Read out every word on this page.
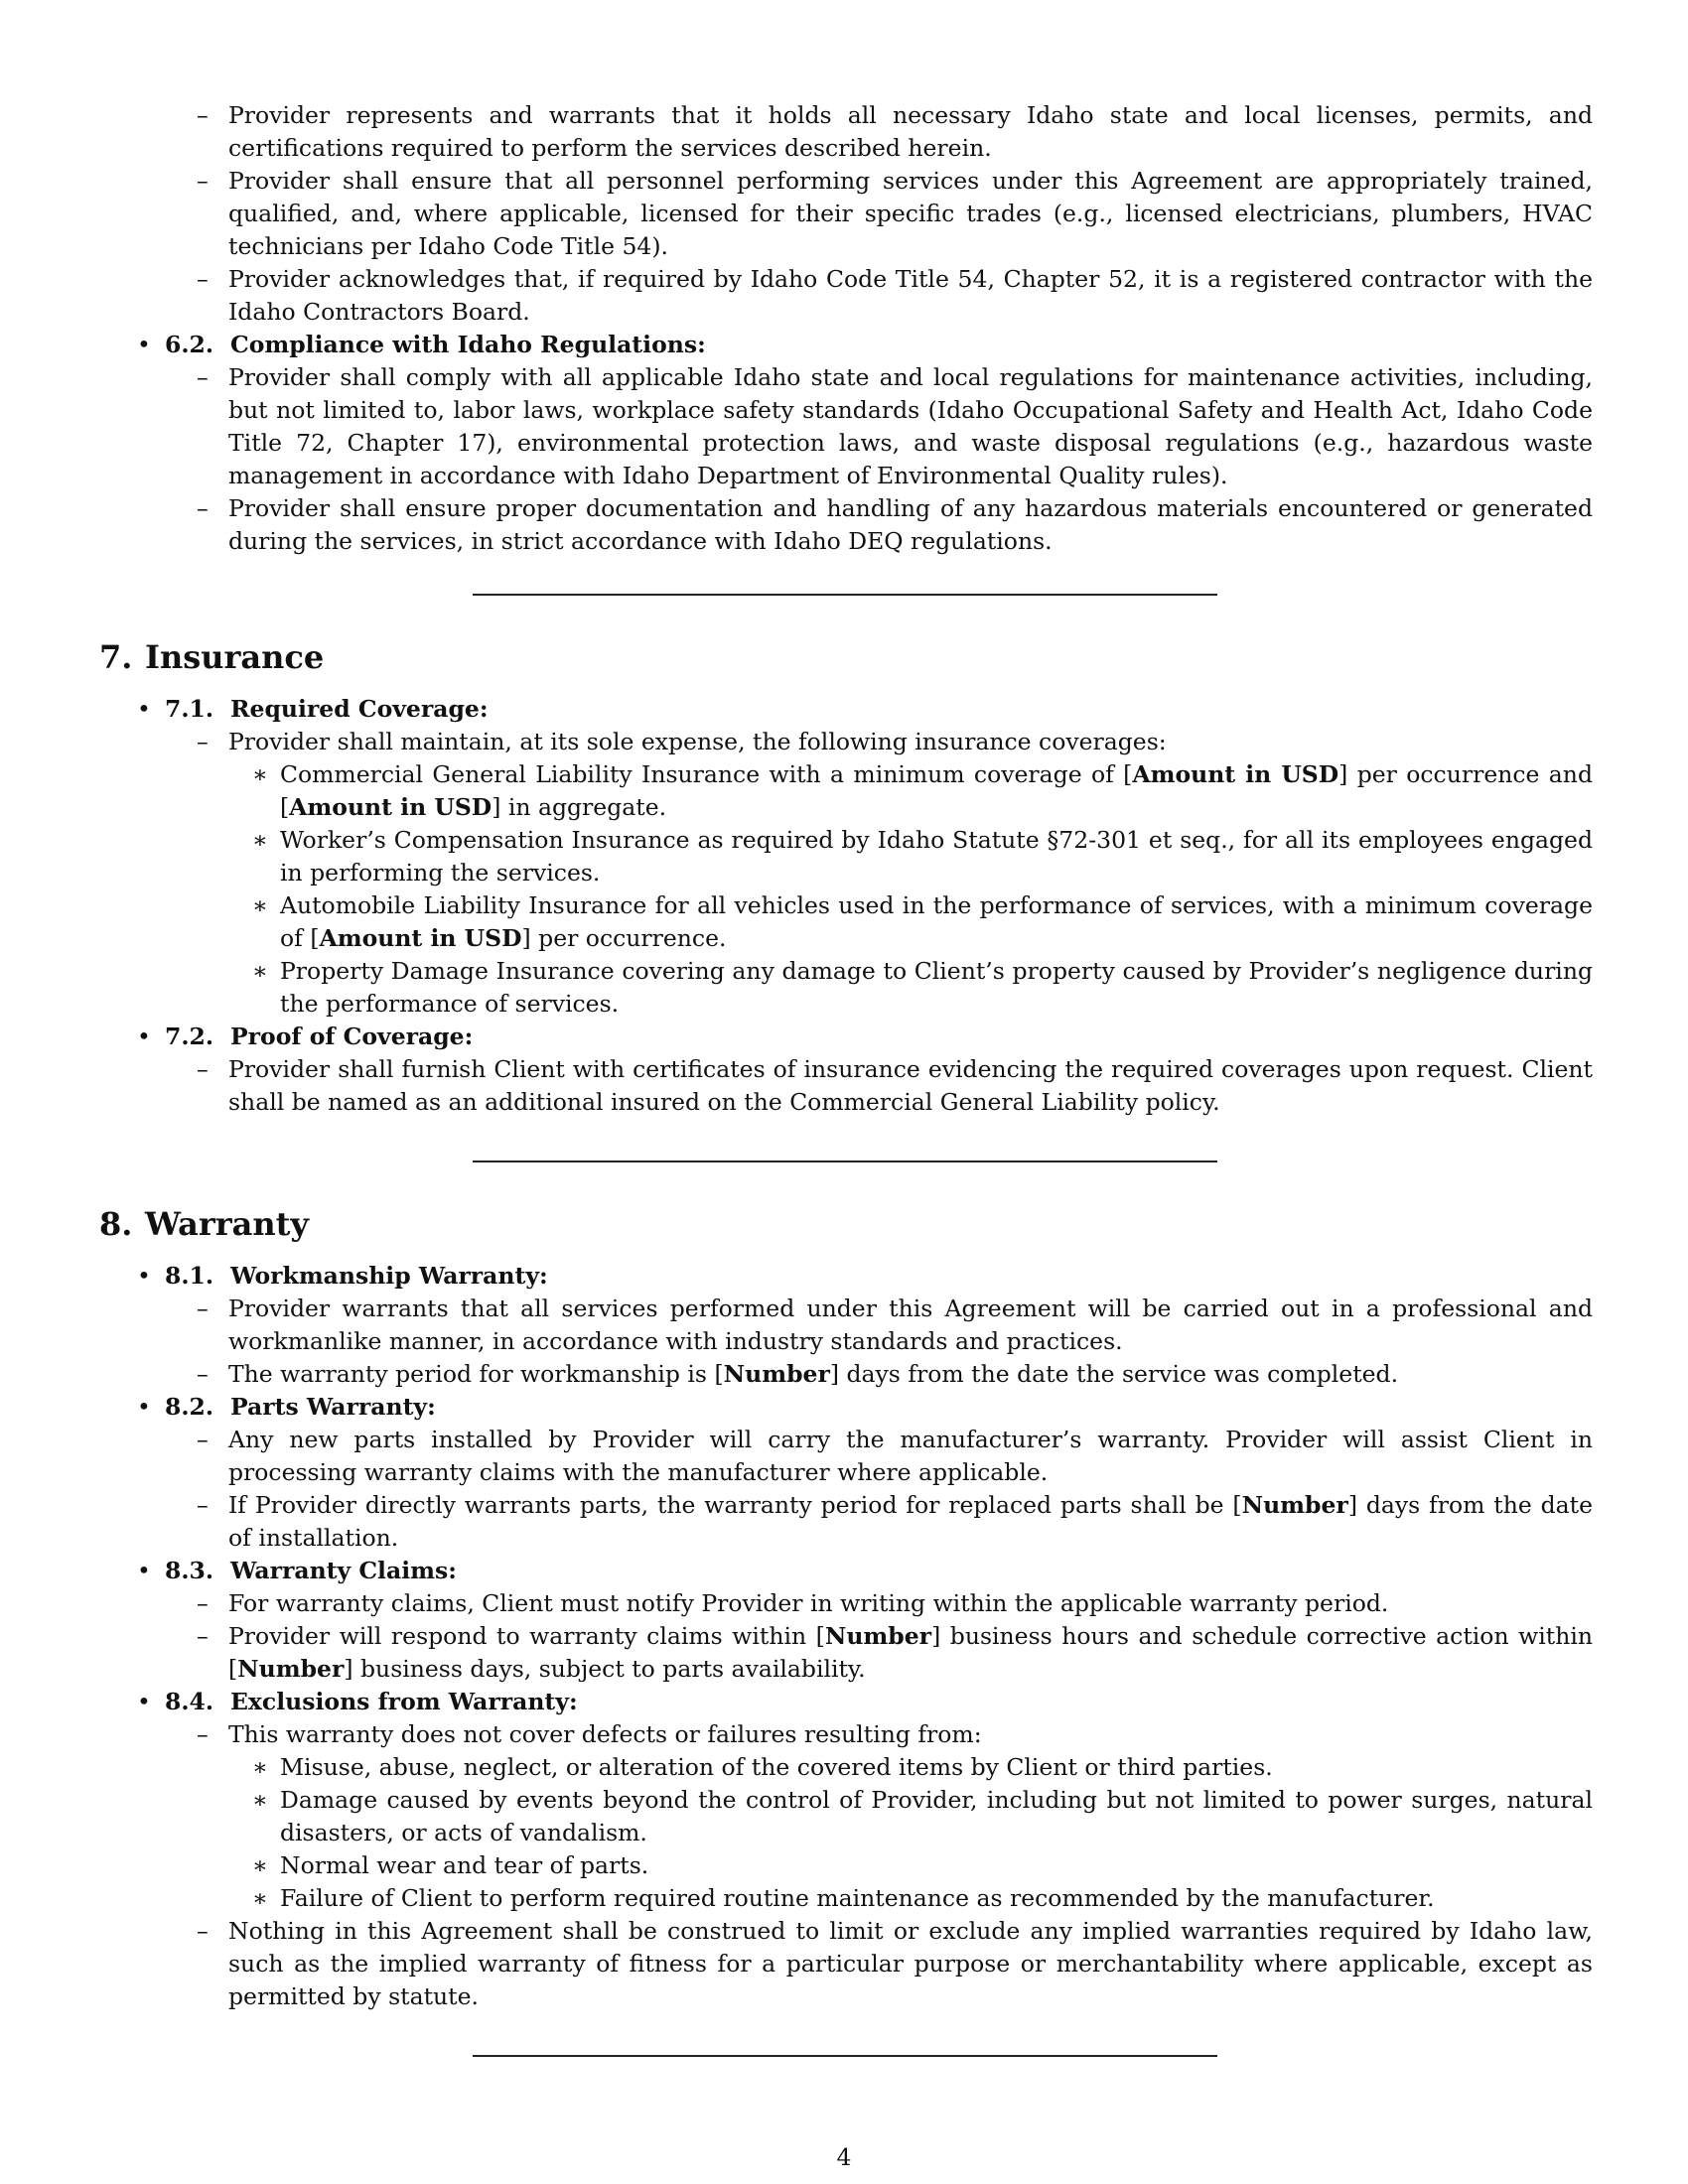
– Provider represents and warrants that it holds all necessary Idaho state and local licenses, permits, and certifications required to perform the services described herein.
– Provider shall ensure that all personnel performing services under this Agreement are appropriately trained, qualified, and, where applicable, licensed for their specific trades (e.g., licensed electricians, plumbers, HVAC technicians per Idaho Code Title 54).
– Provider acknowledges that, if required by Idaho Code Title 54, Chapter 52, it is a registered contractor with the Idaho Contractors Board.
• 6.2. Compliance with Idaho Regulations:
– Provider shall comply with all applicable Idaho state and local regulations for maintenance activities, including, but not limited to, labor laws, workplace safety standards (Idaho Occupational Safety and Health Act, Idaho Code Title 72, Chapter 17), environmental protection laws, and waste disposal regulations (e.g., hazardous waste management in accordance with Idaho Department of Environmental Quality rules).
– Provider shall ensure proper documentation and handling of any hazardous materials encountered or generated during the services, in strict accordance with Idaho DEQ regulations.
7. Insurance
• 7.1. Required Coverage:
– Provider shall maintain, at its sole expense, the following insurance coverages:
∗ Commercial General Liability Insurance with a minimum coverage of [Amount in USD] per occurrence and [Amount in USD] in aggregate.
∗ Worker’s Compensation Insurance as required by Idaho Statute §72-301 et seq., for all its employees engaged in performing the services.
∗ Automobile Liability Insurance for all vehicles used in the performance of services, with a minimum coverage of [Amount in USD] per occurrence.
∗ Property Damage Insurance covering any damage to Client’s property caused by Provider’s negligence during the performance of services.
• 7.2. Proof of Coverage:
– Provider shall furnish Client with certificates of insurance evidencing the required coverages upon request. Client shall be named as an additional insured on the Commercial General Liability policy.
8. Warranty
• 8.1. Workmanship Warranty:
– Provider warrants that all services performed under this Agreement will be carried out in a professional and workmanlike manner, in accordance with industry standards and practices.
– The warranty period for workmanship is [Number] days from the date the service was completed.
• 8.2. Parts Warranty:
– Any new parts installed by Provider will carry the manufacturer’s warranty. Provider will assist Client in processing warranty claims with the manufacturer where applicable.
– If Provider directly warrants parts, the warranty period for replaced parts shall be [Number] days from the date of installation.
• 8.3. Warranty Claims:
– For warranty claims, Client must notify Provider in writing within the applicable warranty period.
– Provider will respond to warranty claims within [Number] business hours and schedule corrective action within [Number] business days, subject to parts availability.
• 8.4. Exclusions from Warranty:
– This warranty does not cover defects or failures resulting from:
∗ Misuse, abuse, neglect, or alteration of the covered items by Client or third parties.
∗ Damage caused by events beyond the control of Provider, including but not limited to power surges, natural disasters, or acts of vandalism.
∗ Normal wear and tear of parts.
∗ Failure of Client to perform required routine maintenance as recommended by the manufacturer.
– Nothing in this Agreement shall be construed to limit or exclude any implied warranties required by Idaho law, such as the implied warranty of fitness for a particular purpose or merchantability where applicable, except as permitted by statute.
4
